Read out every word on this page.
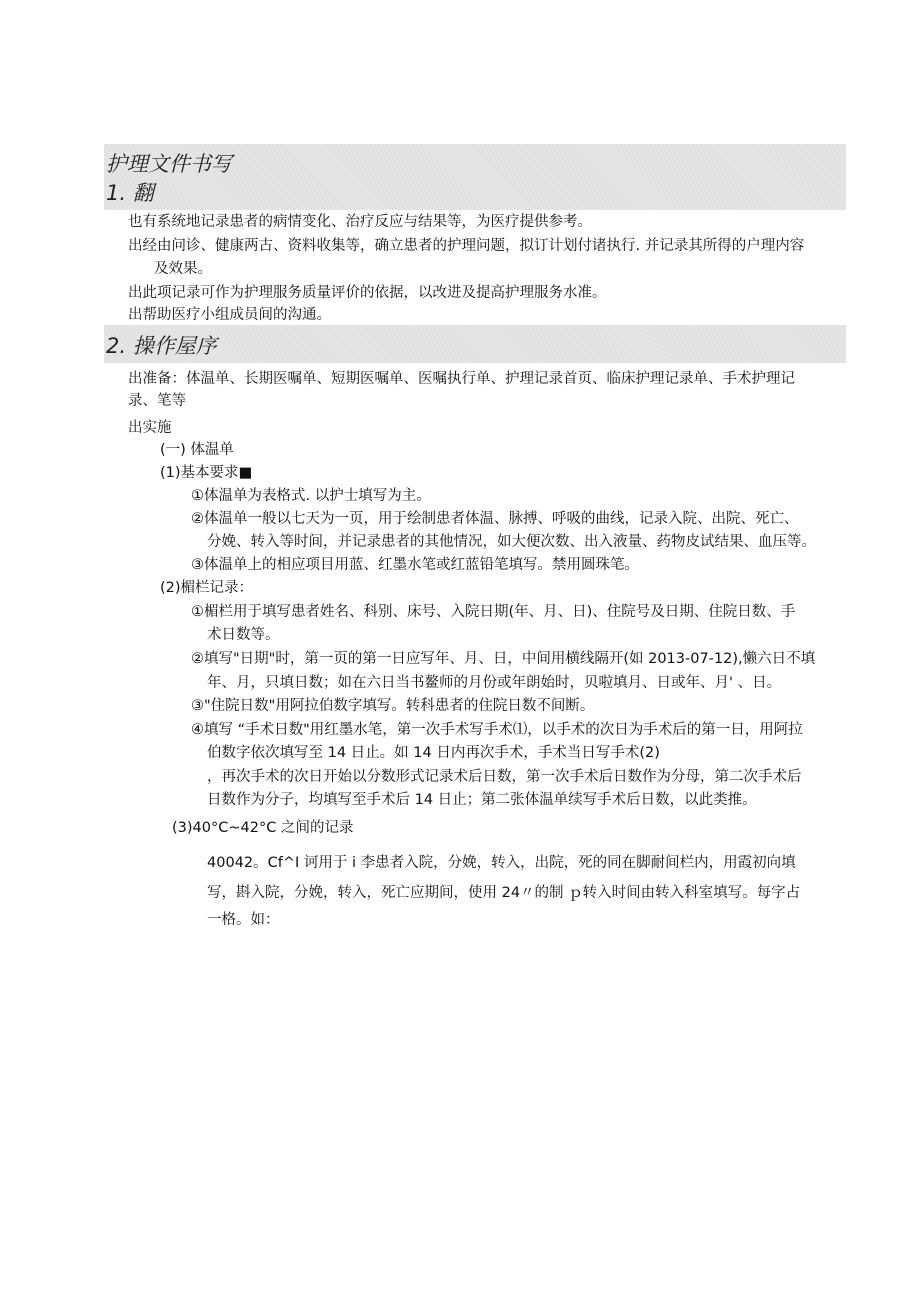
护理文件书写
1. 翻
也有系统地记录患者的病情变化、治疗反应与结果等，为医疗提供参考。
出经由问诊、健康两古、资料收集等，确立患者的护理问题，拟订计划付诸执行. 并记录其所得的户理内容
及效果。
出此项记录可作为护理服务质量评价的依据，以改进及提高护理服务水准。
出帮助医疗小组成员间的沟通。
2. 操作屋序
出准备：体温单、长期医嘱单、短期医嘱单、医嘱执行单、护理记录首页、临床护理记录单、手术护理记
录、笔等
出实施
(一) 体温单
(1)基本要求■
①体温单为表格式. 以护士填写为主。
②体温单一般以七天为一页，用于绘制患者体温、脉搏、呼吸的曲线，记录入院、出院、死亡、
分娩、转入等时间，并记录患者的其他情况，如大便次数、出入液量、药物皮试结果、血压等。
③体温单上的相应项目用蓝、红墨水笔或红蓝铅笔填写。禁用圆珠笔。
(2)楣栏记录：
①楣栏用于填写患者姓名、科别、床号、入院日期(年、月、日)、住院号及日期、住院日数、手
术日数等。
②填写"日期"时，第一页的第一日应写年、月、日，中间用横线隔开(如 2013-07-12),懒六日不填
年、月，只填日数；如在六日当书鳌师的月份或年朗始时，贝啦填月、日或年、月' 、日。
③"住院日数"用阿拉伯数字填写。转科患者的住院日数不间断。
④填写 “手术日数"用红墨水笔，第一次手术写手术⑴，以手术的次日为手术后的第一日，用阿拉
伯数字依次填写至 14 日止。如 14 日内再次手术，手术当日写手术(2)
，再次手术的次日开始以分数形式记录术后日数，第一次手术后日数作为分母，第二次手术后
日数作为分子，均填写至手术后 14 日止；第二张体温单续写手术后日数，以此类推。
(3)40°C~42°C 之间的记录
40042。Cf^I 诃用于 i 李患者入院，分娩，转入，出院，死的同在脚耐间栏内，用霞初向填
写，斟入院，分娩，转入，死亡应期间，使用 24〃的制 ｐ转入时间由转入科室填写。每字占
一格。如：
